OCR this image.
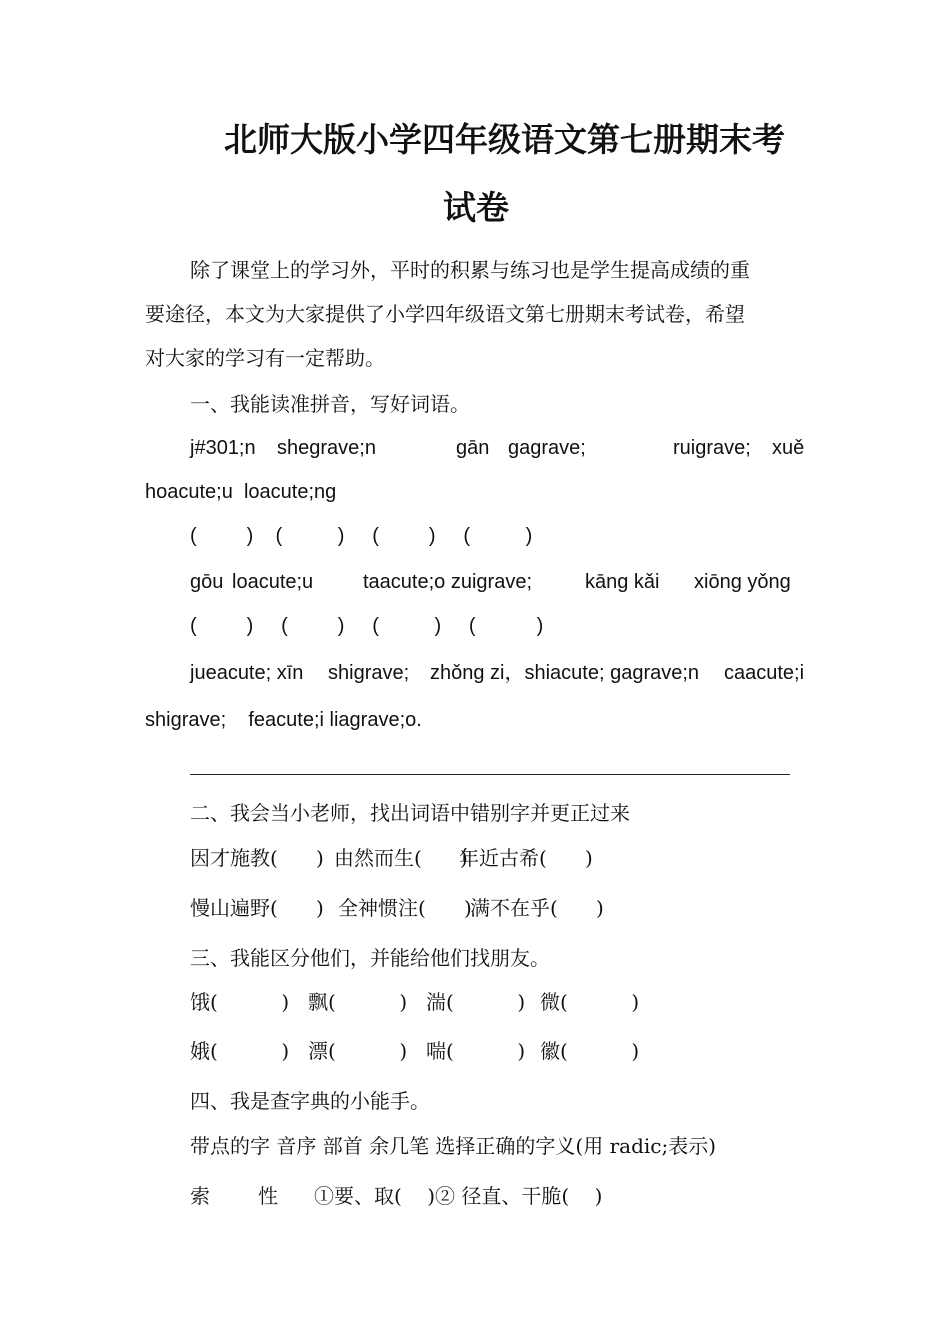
北师大版小学四年级语文第七册期末考
试卷
除了课堂上的学习外，平时的积累与练习也是学生提高成绩的重
要途径，本文为大家提供了小学四年级语文第七册期末考试卷，希望
对大家的学习有一定帮助。
一、我能读准拼音，写好词语。
j#301;n shegrave;n	gān gagrave;	ruigrave; xuě
hoacute;u  loacute;ng
(         )    (          )     (         )     (          )
gōu loacute;u taacute;o zuigrave;	kāng kǎi xiōng yǒng
(         )     (         )     (          )     (           )
jueacute; xīn shigrave; zhǒng zi，shiacute; gagrave;n caacute;i
shigrave;    feacute;i liagrave;o.
二、我会当小老师，找出词语中错别字并更正过来
因才施教(      ) 由然而生(      )
年近古希(      )
慢山遍野(      ) 全神惯注(      )
满不在乎(      )
三、我能区分他们，并能给他们找朋友。
饿(          ) 飘(          ) 湍(          ) 微(          )
娥(          ) 漂(          ) 喘(          ) 徽(          )
四、我是查字典的小能手。
带点的字 音序 部首 余几笔 选择正确的字义(用 radic;表示)
索 性 ①要、取(    )② 径直、干脆(    )
